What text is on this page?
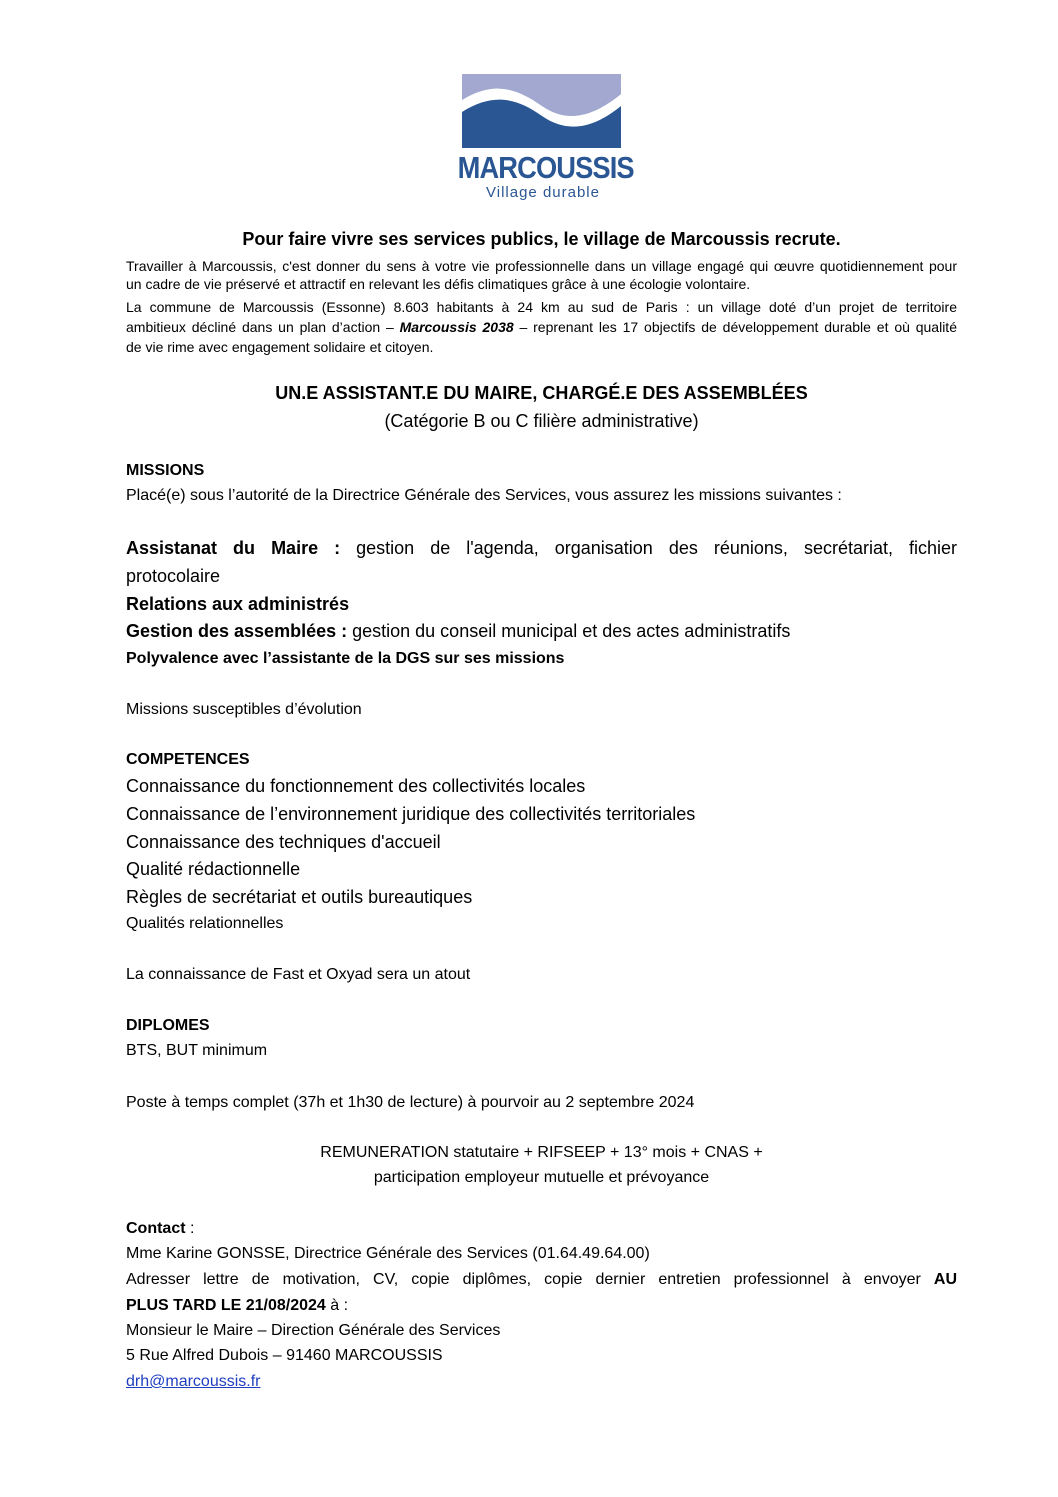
MARCOUSSIS
Village durable
Pour faire vivre ses services publics, le village de Marcoussis recrute.
Travailler à Marcoussis, c'est donner du sens à votre vie professionnelle dans un village engagé qui œuvre quotidiennement pour
un cadre de vie préservé et attractif en relevant les défis climatiques grâce à une écologie volontaire.
La commune de Marcoussis (Essonne) 8.603 habitants à 24 km au sud de Paris : un village doté d’un projet de territoire
ambitieux décliné dans un plan d’action – Marcoussis 2038 – reprenant les 17 objectifs de développement durable et où qualité
de vie rime avec engagement solidaire et citoyen.
UN.E ASSISTANT.E DU MAIRE, CHARGÉ.E DES ASSEMBLÉES
(Catégorie B ou C filière administrative)
MISSIONS
Placé(e) sous l’autorité de la Directrice Générale des Services, vous assurez les missions suivantes :
Assistanat du Maire : gestion de l'agenda, organisation des réunions, secrétariat, fichier
protocolaire
Relations aux administrés
Gestion des assemblées : gestion du conseil municipal et des actes administratifs
Polyvalence avec l’assistante de la DGS sur ses missions
Missions susceptibles d’évolution
COMPETENCES
Connaissance du fonctionnement des collectivités locales
Connaissance de l’environnement juridique des collectivités territoriales
Connaissance des techniques d'accueil
Qualité rédactionnelle
Règles de secrétariat et outils bureautiques
Qualités relationnelles
La connaissance de Fast et Oxyad sera un atout
DIPLOMES
BTS, BUT minimum
Poste à temps complet (37h et 1h30 de lecture) à pourvoir au 2 septembre 2024
REMUNERATION statutaire + RIFSEEP + 13° mois + CNAS +
participation employeur mutuelle et prévoyance
Contact :
Mme Karine GONSSE, Directrice Générale des Services (01.64.49.64.00)
Adresser lettre de motivation, CV, copie diplômes, copie dernier entretien professionnel à envoyer AU
PLUS TARD LE 21/08/2024 à :
Monsieur le Maire – Direction Générale des Services
5 Rue Alfred Dubois – 91460 MARCOUSSIS
drh@marcoussis.fr
